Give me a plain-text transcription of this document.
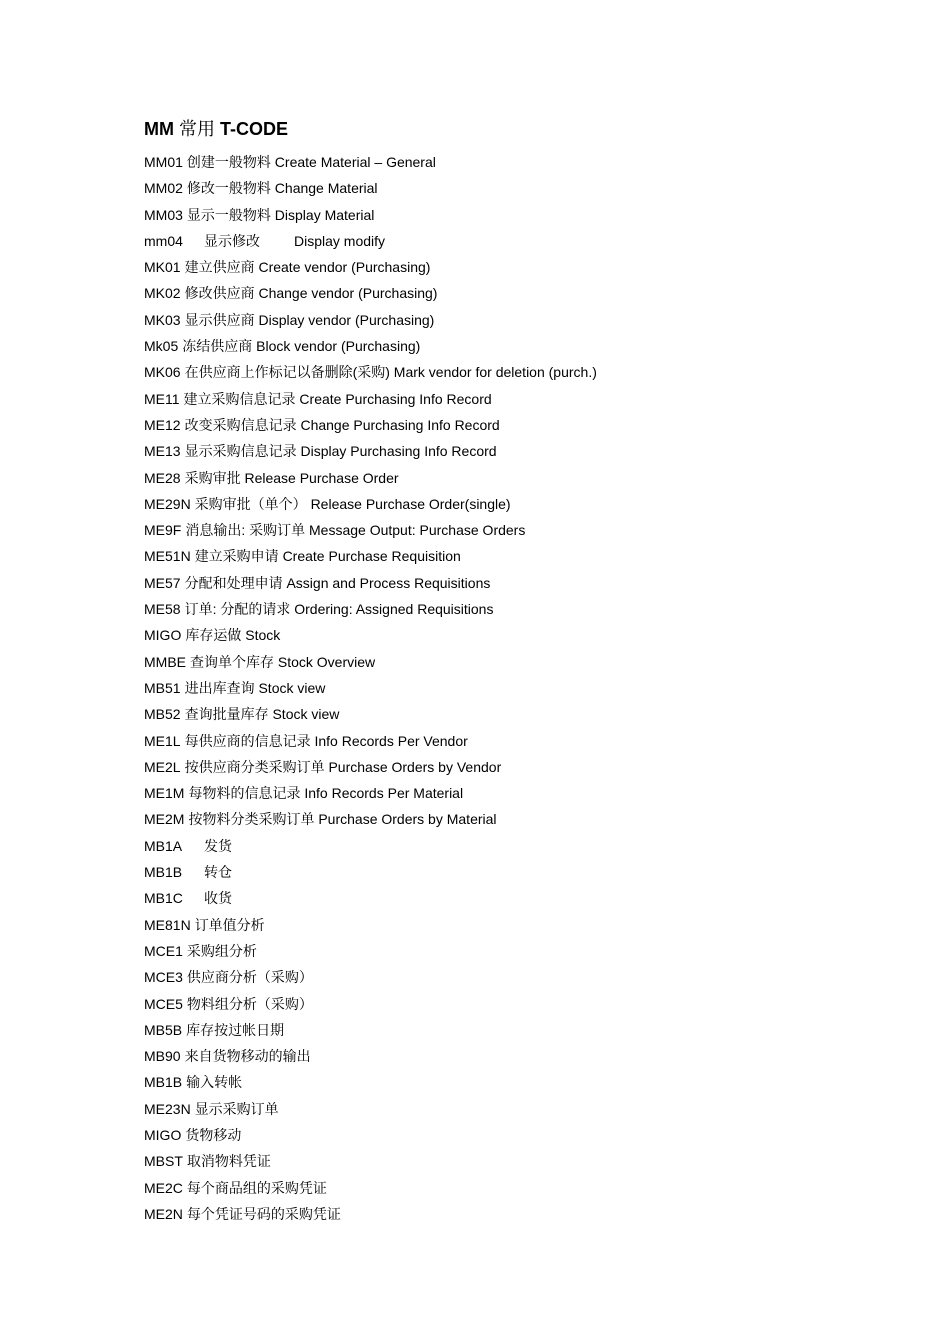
MM 常用 T-CODE
MM01 创建一般物料 Create Material – General
MM02 修改一般物料 Change Material
MM03 显示一般物料 Display Material
mm04 显示修改 Display modify
MK01 建立供应商 Create vendor (Purchasing)
MK02 修改供应商 Change vendor (Purchasing)
MK03 显示供应商 Display vendor (Purchasing)
Mk05 冻结供应商 Block vendor (Purchasing)
MK06 在供应商上作标记以备删除(采购) Mark vendor for deletion (purch.)
ME11 建立采购信息记录 Create Purchasing Info Record
ME12 改变采购信息记录 Change Purchasing Info Record
ME13 显示采购信息记录 Display Purchasing Info Record
ME28 采购审批 Release Purchase Order
ME29N 采购审批（单个） Release Purchase Order(single)
ME9F 消息输出: 采购订单 Message Output: Purchase Orders
ME51N 建立采购申请 Create Purchase Requisition
ME57 分配和处理申请 Assign and Process Requisitions
ME58 订单: 分配的请求 Ordering: Assigned Requisitions
MIGO 库存运做 Stock
MMBE 查询单个库存 Stock Overview
MB51 进出库查询 Stock view
MB52 查询批量库存 Stock view
ME1L 每供应商的信息记录 Info Records Per Vendor
ME2L 按供应商分类采购订单 Purchase Orders by Vendor
ME1M 每物料的信息记录 Info Records Per Material
ME2M 按物料分类采购订单 Purchase Orders by Material
MB1A 发货
MB1B 转仓
MB1C 收货
ME81N 订单值分析
MCE1 采购组分析
MCE3 供应商分析（采购）
MCE5 物料组分析（采购）
MB5B 库存按过帐日期
MB90 来自货物移动的输出
MB1B 输入转帐
ME23N 显示采购订单
MIGO 货物移动
MBST 取消物料凭证
ME2C 每个商品组的采购凭证
ME2N 每个凭证号码的采购凭证
